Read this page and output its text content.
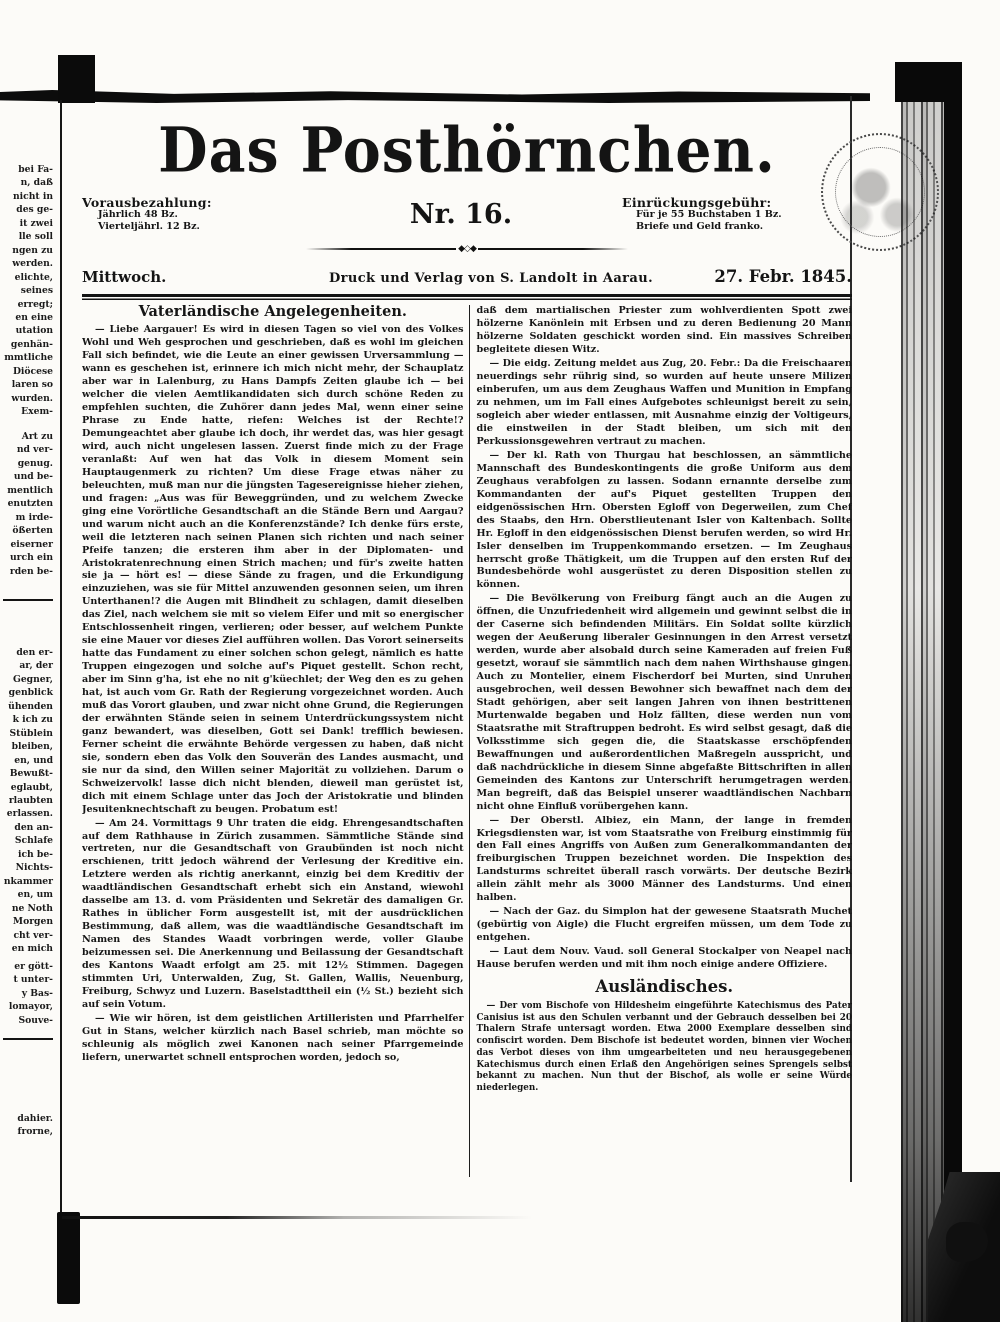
bei Fa-
n, daß
nicht in
des ge-
it zwei
lle soll
ngen zu
werden.
elichte,
seines
erregt;
en eine
utation
genhän-
mmtliche
Diöcese
laren so
wurden.
Exem-
Art zu
nd ver-
genug.
und be-
mentlich
enutzten
m irde-
ößerten
eiserner
urch ein
rden be-
den er-
ar, der
Gegner,
genblick
ühenden
k ich zu
Stüblein
bleiben,
en, und
Bewußt-
eglaubt,
rlaubten
erlassen.
den an-
Schlafe
ich be-
Nichts-
nkammer
en, um
ne Noth
Morgen
cht ver-
en mich
er gött-
t unter-
y Bas-
lomayor,
Souve-
dahier.
frorne,
Das Posthörnchen.
Vorausbezahlung:
Jährlich 48 Bz.
Vierteljährl. 12 Bz.	Nr. 16.	Einrückungsgebühr:
Für je 55 Buchstaben 1 Bz.
Briefe und Geld franko.
◆◇◆
Mittwoch.	Druck und Verlag von S. Landolt in Aarau.	27. Febr. 1845.
Vaterländische Angelegenheiten.
— Liebe Aargauer! Es wird in diesen Tagen so viel von des Volkes Wohl und Weh gesprochen und geschrieben, daß es wohl im gleichen Fall sich befindet, wie die Leute an einer gewissen Urversammlung — wann es geschehen ist, erinnere ich mich nicht mehr, der Schauplatz aber war in Lalenburg, zu Hans Dampfs Zeiten glaube ich — bei welcher die vielen Aemtlikandidaten sich durch schöne Reden zu empfehlen suchten, die Zuhörer dann jedes Mal, wenn einer seine Phrase zu Ende hatte, riefen: Welches ist der Rechte!? Demungeachtet aber glaube ich doch, ihr werdet das, was hier gesagt wird, auch nicht ungelesen lassen. Zuerst finde mich zu der Frage veranlaßt: Auf wen hat das Volk in diesem Moment sein Hauptaugenmerk zu richten? Um diese Frage etwas näher zu beleuchten, muß man nur die jüngsten Tagesereignisse hieher ziehen, und fragen: „Aus was für Beweggründen, und zu welchem Zwecke ging eine Vorörtliche Gesandtschaft an die Stände Bern und Aargau? und warum nicht auch an die Konferenzstände? Ich denke fürs erste, weil die letzteren nach seinen Planen sich richten und nach seiner Pfeife tanzen; die ersteren ihm aber in der Diplomaten- und Aristokratenrechnung einen Strich machen; und für's zweite hatten sie ja — hört es! — diese Sände zu fragen, und die Erkundigung einzuziehen, was sie für Mittel anzuwenden gesonnen seien, um ihren Unterthanen!? die Augen mit Blindheit zu schlagen, damit dieselben das Ziel, nach welchem sie mit so vielem Eifer und mit so energischer Entschlossenheit ringen, verlieren; oder besser, auf welchem Punkte sie eine Mauer vor dieses Ziel aufführen wollen. Das Vorort seinerseits hatte das Fundament zu einer solchen schon gelegt, nämlich es hatte Truppen eingezogen und solche auf's Piquet gestellt. Schon recht, aber im Sinn g'ha, ist ehe no nit g'küechlet; der Weg den es zu gehen hat, ist auch vom Gr. Rath der Regierung vorgezeichnet worden. Auch muß das Vorort glauben, und zwar nicht ohne Grund, die Regierungen der erwähnten Stände seien in seinem Unterdrückungssystem nicht ganz bewandert, was dieselben, Gott sei Dank! trefflich bewiesen. Ferner scheint die erwähnte Behörde vergessen zu haben, daß nicht sie, sondern eben das Volk den Souverän des Landes ausmacht, und sie nur da sind, den Willen seiner Majorität zu vollziehen. Darum o Schweizervolk! lasse dich nicht blenden, dieweil man gerüstet ist, dich mit einem Schlage unter das Joch der Aristokratie und blinden Jesuitenknechtschaft zu beugen. Probatum est!
— Am 24. Vormittags 9 Uhr traten die eidg. Ehrengesandtschaften auf dem Rathhause in Zürich zusammen. Sämmtliche Stände sind vertreten, nur die Gesandtschaft von Graubünden ist noch nicht erschienen, tritt jedoch während der Verlesung der Kreditive ein. Letztere werden als richtig anerkannt, einzig bei dem Kreditiv der waadtländischen Gesandtschaft erhebt sich ein Anstand, wiewohl dasselbe am 13. d. vom Präsidenten und Sekretär des damaligen Gr. Rathes in üblicher Form ausgestellt ist, mit der ausdrücklichen Bestimmung, daß allem, was die waadtländische Gesandtschaft im Namen des Standes Waadt vorbringen werde, voller Glaube beizumessen sei. Die Anerkennung und Beilassung der Gesandtschaft des Kantons Waadt erfolgt am 25. mit 12½ Stimmen. Dagegen stimmten Uri, Unterwalden, Zug, St. Gallen, Wallis, Neuenburg, Freiburg, Schwyz und Luzern. Baselstadttheil ein (½ St.) bezieht sich auf sein Votum.
— Wie wir hören, ist dem geistlichen Artilleristen und Pfarrhelfer Gut in Stans, welcher kürzlich nach Basel schrieb, man möchte so schleunig als möglich zwei Kanonen nach seiner Pfarrgemeinde liefern, unerwartet schnell entsprochen worden, jedoch so,
daß dem martialischen Priester zum wohlverdienten Spott zwei hölzerne Kanönlein mit Erbsen und zu deren Bedienung 20 Mann hölzerne Soldaten geschickt worden sind. Ein massives Schreiben begleitete diesen Witz.
— Die eidg. Zeitung meldet aus Zug, 20. Febr.: Da die Freischaaren neuerdings sehr rührig sind, so wurden auf heute unsere Milizen einberufen, um aus dem Zeughaus Waffen und Munition in Empfang zu nehmen, um im Fall eines Aufgebotes schleunigst bereit zu sein, sogleich aber wieder entlassen, mit Ausnahme einzig der Voltigeurs, die einstweilen in der Stadt bleiben, um sich mit den Perkussionsgewehren vertraut zu machen.
— Der kl. Rath von Thurgau hat beschlossen, an sämmtliche Mannschaft des Bundeskontingents die große Uniform aus dem Zeughaus verabfolgen zu lassen. Sodann ernannte derselbe zum Kommandanten der auf's Piquet gestellten Truppen den eidgenössischen Hrn. Obersten Egloff von Degerweilen, zum Chef des Staabs, den Hrn. Oberstlieutenant Isler von Kaltenbach. Sollte Hr. Egloff in den eidgenössischen Dienst berufen werden, so wird Hr. Isler denselben im Truppenkommando ersetzen. — Im Zeughaus herrscht große Thätigkeit, um die Truppen auf den ersten Ruf der Bundesbehörde wohl ausgerüstet zu deren Disposition stellen zu können.
— Die Bevölkerung von Freiburg fängt auch an die Augen zu öffnen, die Unzufriedenheit wird allgemein und gewinnt selbst die in der Caserne sich befindenden Militärs. Ein Soldat sollte kürzlich wegen der Aeußerung liberaler Gesinnungen in den Arrest versetzt werden, wurde aber alsobald durch seine Kameraden auf freien Fuß gesetzt, worauf sie sämmtlich nach dem nahen Wirthshause gingen. Auch zu Montelier, einem Fischerdorf bei Murten, sind Unruhen ausgebrochen, weil dessen Bewohner sich bewaffnet nach dem der Stadt gehörigen, aber seit langen Jahren von ihnen bestrittenen Murtenwalde begaben und Holz fällten, diese werden nun vom Staatsrathe mit Straftruppen bedroht. Es wird selbst gesagt, daß die Volksstimme sich gegen die, die Staatskasse erschöpfenden Bewaffnungen und außerordentlichen Maßregeln ausspricht, und daß nachdrückliche in diesem Sinne abgefaßte Bittschriften in allen Gemeinden des Kantons zur Unterschrift herumgetragen werden. Man begreift, daß das Beispiel unserer waadtländischen Nachbarn nicht ohne Einfluß vorübergehen kann.
— Der Oberstl. Albiez, ein Mann, der lange in fremden Kriegsdiensten war, ist vom Staatsrathe von Freiburg einstimmig für den Fall eines Angriffs von Außen zum Generalkommandanten der freiburgischen Truppen bezeichnet worden. Die Inspektion des Landsturms schreitet überall rasch vorwärts. Der deutsche Bezirk allein zählt mehr als 3000 Männer des Landsturms. Und einen halben.
— Nach der Gaz. du Simplon hat der gewesene Staatsrath Muchet (gebürtig von Aigle) die Flucht ergreifen müssen, um dem Tode zu entgehen.
— Laut dem Nouv. Vaud. soll General Stockalper von Neapel nach Hause berufen werden und mit ihm noch einige andere Offiziere.
Ausländisches.
— Der vom Bischofe von Hildesheim eingeführte Katechismus des Pater Canisius ist aus den Schulen verbannt und der Gebrauch desselben bei 20 Thalern Strafe untersagt worden. Etwa 2000 Exemplare desselben sind confiscirt worden. Dem Bischofe ist bedeutet worden, binnen vier Wochen das Verbot dieses von ihm umgearbeiteten und neu herausgegebenen Katechismus durch einen Erlaß den Angehörigen seines Sprengels selbst bekannt zu machen. Nun thut der Bischof, als wolle er seine Würde niederlegen.
